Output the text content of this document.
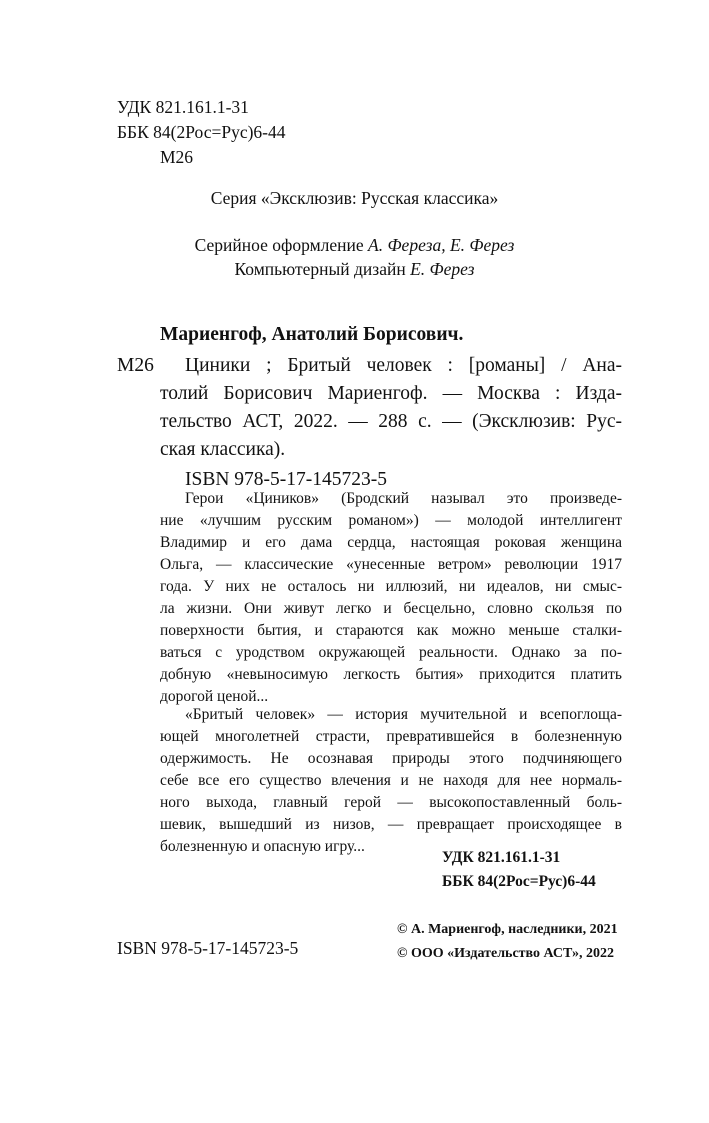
УДК 821.161.1-31
ББК 84(2Рос=Рус)6-44
М26
Серия «Эксклюзив: Русская классика»
Серийное оформление А. Фереза, Е. Ферез
Компьютерный дизайн Е. Ферез
Мариенгоф, Анатолий Борисович.
М26 Циники ; Бритый человек : [романы] / Ана-
толий Борисович Мариенгоф. — Москва : Изда-
тельство АСТ, 2022. — 288 с. — (Эксклюзив: Рус-
ская классика).
ISBN 978-5-17-145723-5
Герои «Циников» (Бродский называл это произведе-
ние «лучшим русским романом») — молодой интеллигент
Владимир и его дама сердца, настоящая роковая женщина
Ольга, — классические «унесенные ветром» революции 1917
года. У них не осталось ни иллюзий, ни идеалов, ни смыс-
ла жизни. Они живут легко и бесцельно, словно скользя по
поверхности бытия, и стараются как можно меньше сталки-
ваться с уродством окружающей реальности. Однако за по-
добную «невыносимую легкость бытия» приходится платить
дорогой ценой...
«Бритый человек» — история мучительной и всепоглоща-
ющей многолетней страсти, превратившейся в болезненную
одержимость. Не осознавая природы этого подчиняющего
себе все его существо влечения и не находя для нее нормаль-
ного выхода, главный герой — высокопоставленный боль-
шевик, вышедший из низов, — превращает происходящее в
болезненную и опасную игру...
УДК 821.161.1-31
ББК 84(2Рос=Рус)6-44
ISBN 978-5-17-145723-5
© А. Мариенгоф, наследники, 2021
© ООО «Издательство АСТ», 2022
